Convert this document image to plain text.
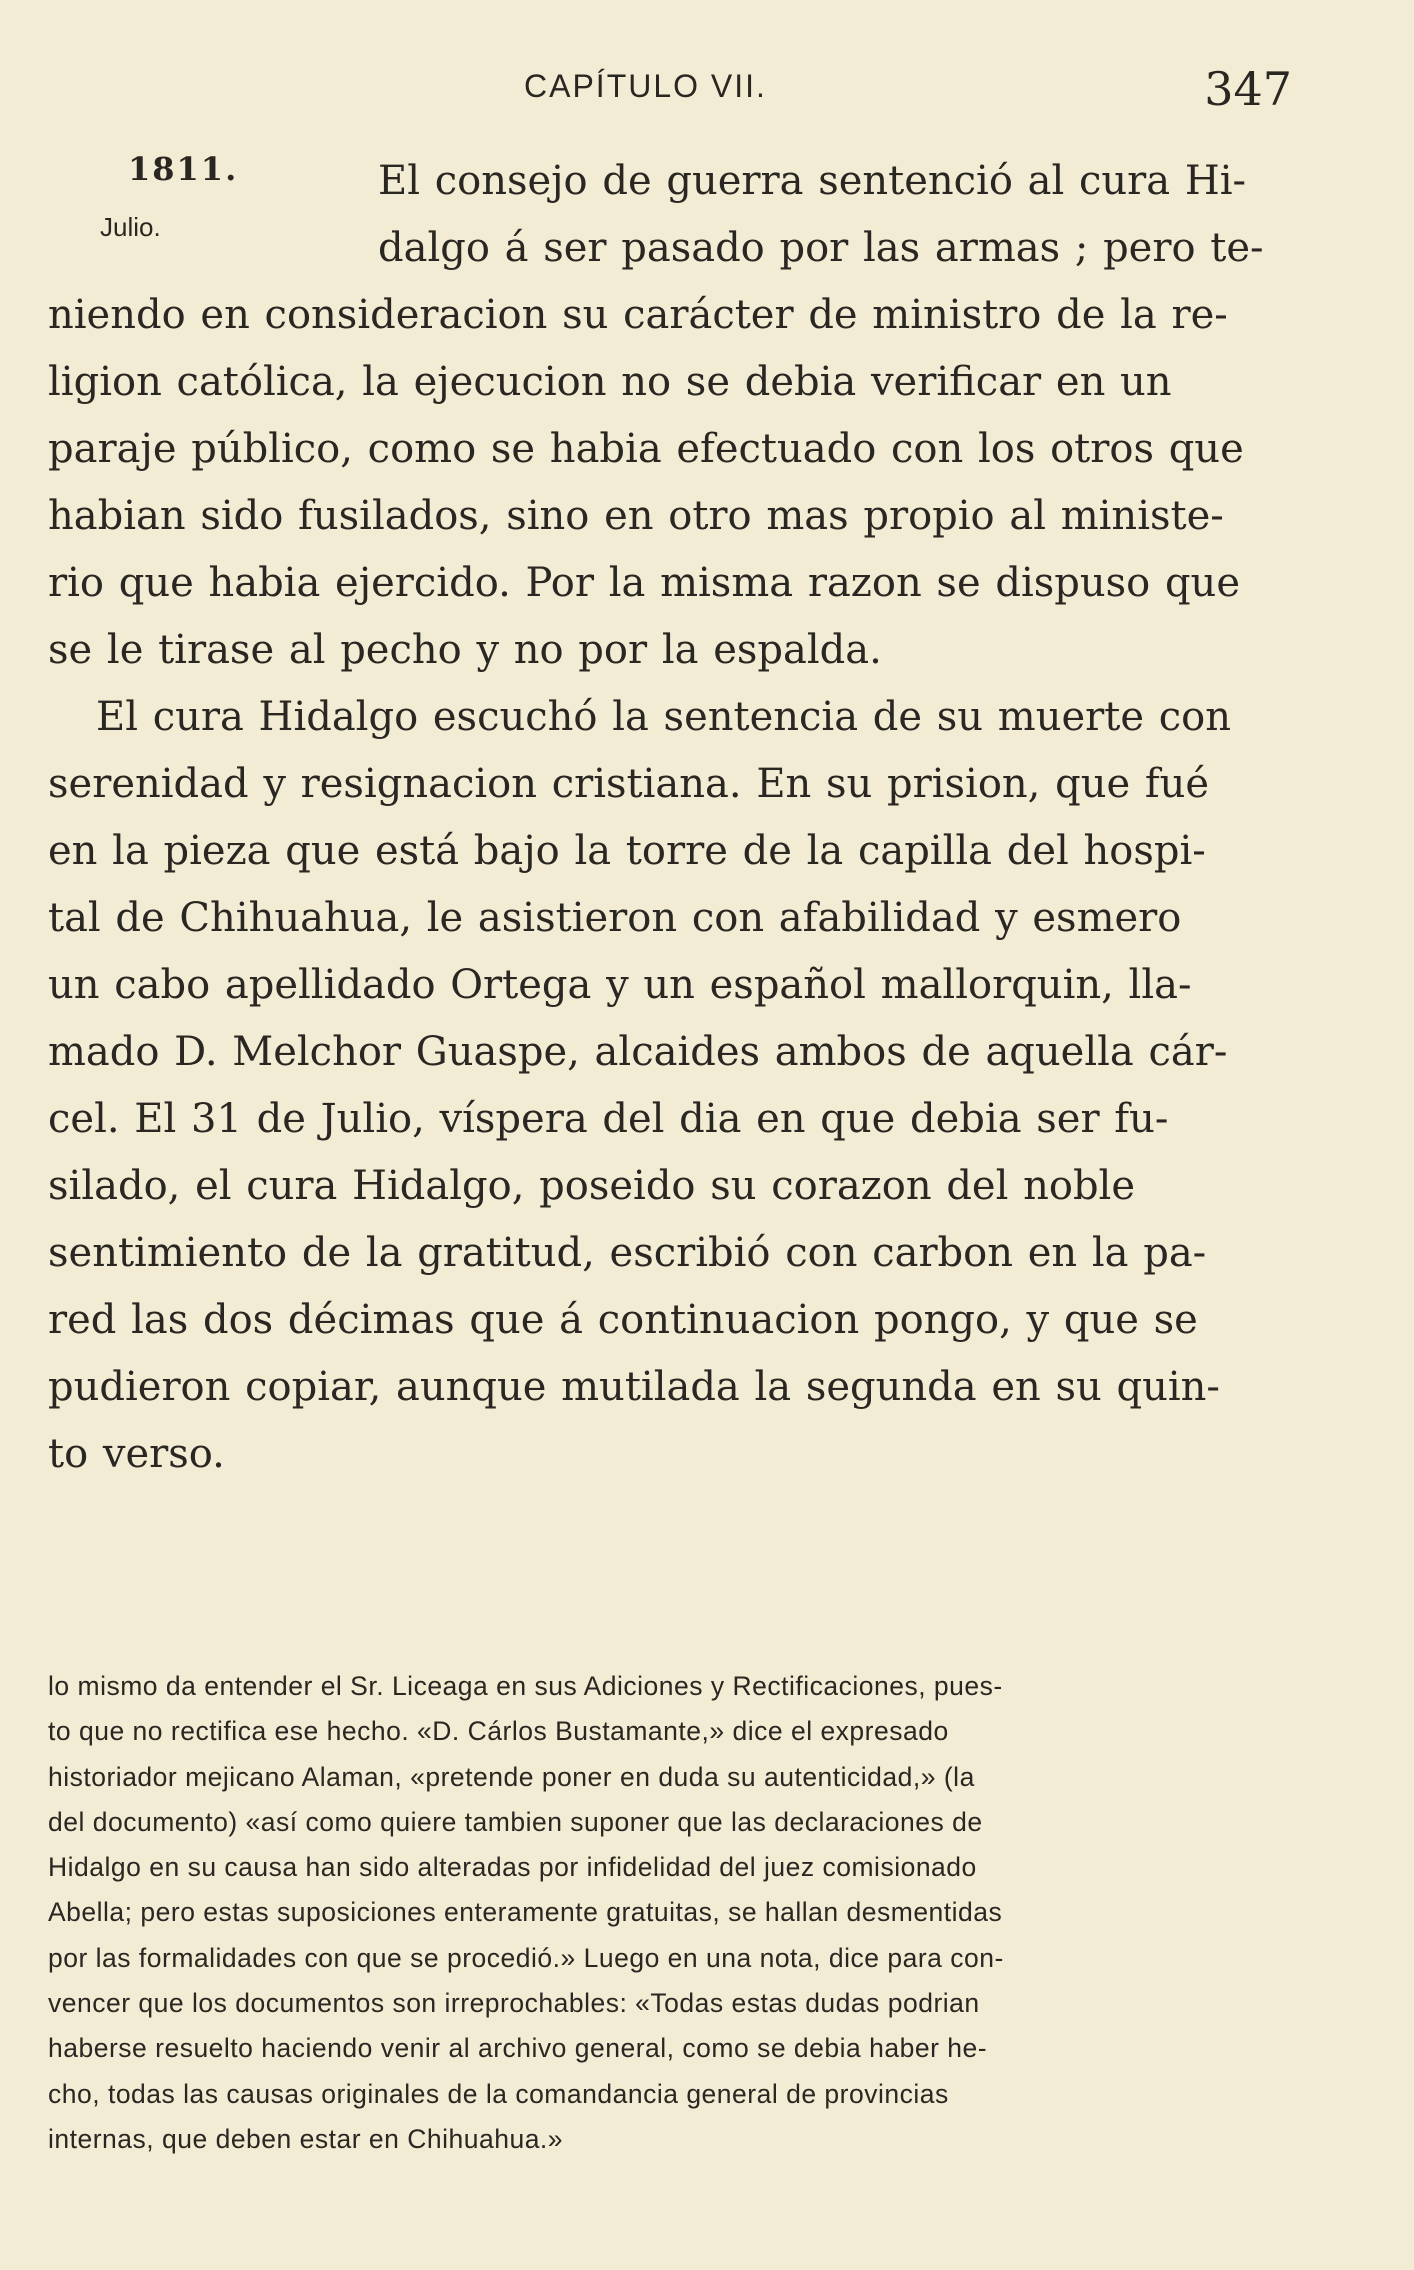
CAPÍTULO VII.	347
1811.
Julio.
El consejo de guerra sentenció al cura Hi-
dalgo á ser pasado por las armas ; pero te-
niendo en consideracion su carácter de ministro de la re-
ligion católica, la ejecucion no se debia verificar en un
paraje público, como se habia efectuado con los otros que
habian sido fusilados, sino en otro mas propio al ministe-
rio que habia ejercido. Por la misma razon se dispuso que
se le tirase al pecho y no por la espalda.
El cura Hidalgo escuchó la sentencia de su muerte con
serenidad y resignacion cristiana. En su prision, que fué
en la pieza que está bajo la torre de la capilla del hospi-
tal de Chihuahua, le asistieron con afabilidad y esmero
un cabo apellidado Ortega y un español mallorquin, lla-
mado D. Melchor Guaspe, alcaides ambos de aquella cár-
cel. El 31 de Julio, víspera del dia en que debia ser fu-
silado, el cura Hidalgo, poseido su corazon del noble
sentimiento de la gratitud, escribió con carbon en la pa-
red las dos décimas que á continuacion pongo, y que se
pudieron copiar, aunque mutilada la segunda en su quin-
to verso.
lo mismo da entender el Sr. Liceaga en sus Adiciones y Rectificaciones, pues-
to que no rectifica ese hecho. «D. Cárlos Bustamante,» dice el expresado
historiador mejicano Alaman, «pretende poner en duda su autenticidad,» (la
del documento) «así como quiere tambien suponer que las declaraciones de
Hidalgo en su causa han sido alteradas por infidelidad del juez comisionado
Abella; pero estas suposiciones enteramente gratuitas, se hallan desmentidas
por las formalidades con que se procedió.» Luego en una nota, dice para con-
vencer que los documentos son irreprochables: «Todas estas dudas podrian
haberse resuelto haciendo venir al archivo general, como se debia haber he-
cho, todas las causas originales de la comandancia general de provincias
internas, que deben estar en Chihuahua.»
